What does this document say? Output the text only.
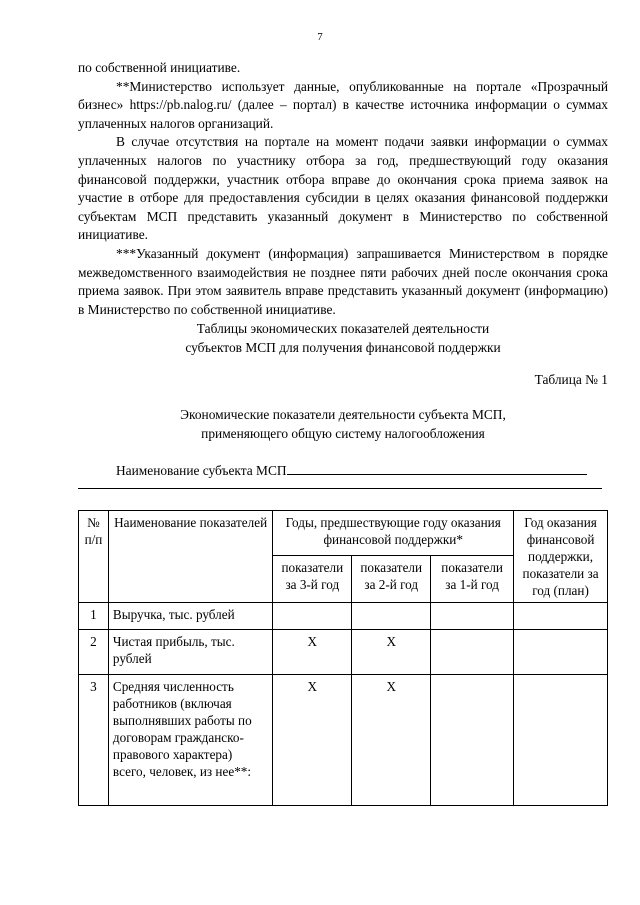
7

по собственной инициативе.

**Министерство использует данные, опубликованные на портале «Прозрачный бизнес» https://pb.nalog.ru/ (далее – портал) в качестве источника информации о суммах уплаченных налогов организаций.

В случае отсутствия на портале на момент подачи заявки информации о суммах уплаченных налогов по участнику отбора за год, предшествующий году оказания финансовой поддержки, участник отбора вправе до окончания срока приема заявок на участие в отборе для предоставления субсидии в целях оказания финансовой поддержки субъектам МСП представить указанный документ в Министерство по собственной инициативе.

***Указанный документ (информация) запрашивается Министерством в порядке межведомственного взаимодействия не позднее пяти рабочих дней после окончания срока приема заявок. При этом заявитель вправе представить указанный документ (информацию) в Министерство по собственной инициативе.

Таблицы экономических показателей деятельности
субъектов МСП для получения финансовой поддержки
Таблица № 1
Экономические показатели деятельности субъекта МСП,
применяющего общую систему налогообложения
Наименование субъекта МСП
№ п/п	Наименование показателей	Годы, предшествующие году оказания финансовой поддержки*			Год оказания финансовой поддержки, показатели за год (план)
		показатели за 3-й год	показатели за 2-й год	показатели за 1-й год	
1	Выручка, тыс. рублей				
2	Чистая прибыль, тыс. рублей	Х	Х		
3	Средняя численность работников (включая выполнявших работы по договорам гражданско-правового характера) всего, человек, из нее**:	Х	Х		
